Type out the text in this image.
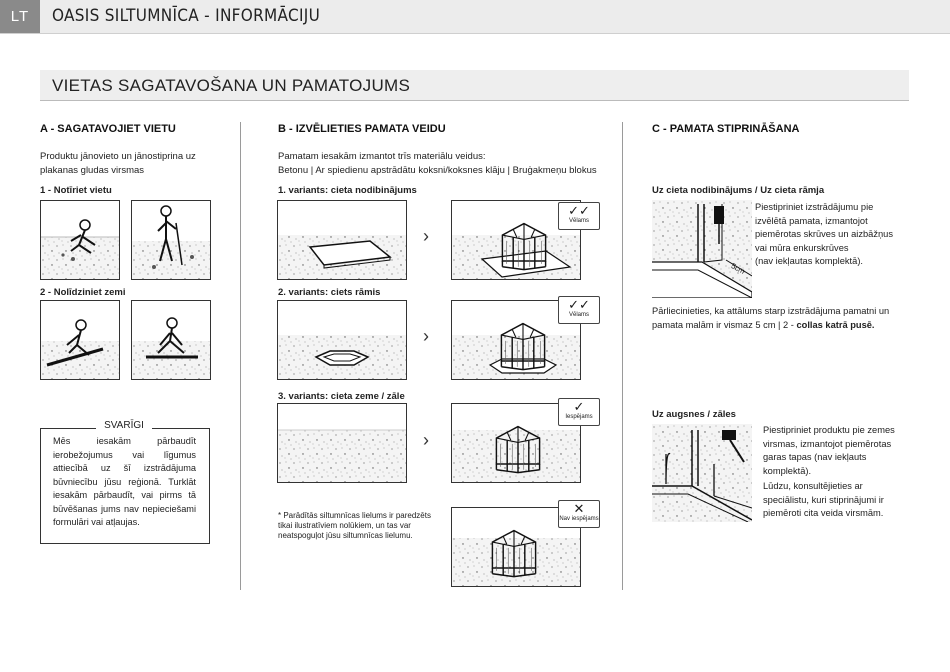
LT	OASIS SILTUMNĪCA - INFORMĀCIJU
VIETAS SAGATAVOŠANA UN PAMATOJUMS
A - SAGATAVOJIET VIETU
Produktu jānovieto un jānostiprina uz
plakanas gludas virsmas
1 - Notīriet vietu
2 - Nolīdziniet zemi
SVARĪGI
Mēs iesakām pārbaudīt
ierobežojumus vai līgumus
attiecībā uz šī izstrādājuma
būvniecību jūsu reģionā. Turklāt
iesakām pārbaudīt, vai pirms tā
būvēšanas jums nav nepieciešami
formulāri vai atļaujas.
B - IZVĒLIETIES PAMATA VEIDU
Pamatam iesakām izmantot trīs materiālu veidus:
Betonu | Ar spiedienu apstrādātu koksni/koksnes klāju | Bruģakmeņu blokus
1. variants: cieta nodibinājums
›
✓✓
Vēlams
2. variants: ciets rāmis
›
✓✓
Vēlams
3. variants: cieta zeme / zāle
›
✓
Iespējams
* Parādītās siltumnīcas lielums ir paredzēts
tikai ilustratīviem nolūkiem, un tas var
neatspoguļot jūsu siltumnīcas lielumu.
✕
Nav iespējams
C - PAMATA STIPRINĀŠANA
Uz cieta nodibinājums / Uz cieta rāmja
5cm
Piestipriniet izstrādājumu pie
izvēlētā pamata, izmantojot
piemērotas skrūves un aizbāžņus
vai mūra enkurskrūves
(nav iekļautas komplektā).
Pārliecinieties, ka attālums starp izstrādājuma pamatni un
pamata malām ir vismaz 5 cm | 2 - collas katrā pusē.
Uz augsnes / zāles
Piestipriniet produktu pie zemes
virsmas, izmantojot piemērotas
garas tapas (nav iekļauts
komplektā).
Lūdzu, konsultējieties ar
speciālistu, kuri stiprinājumi ir
piemēroti cita veida virsmām.
